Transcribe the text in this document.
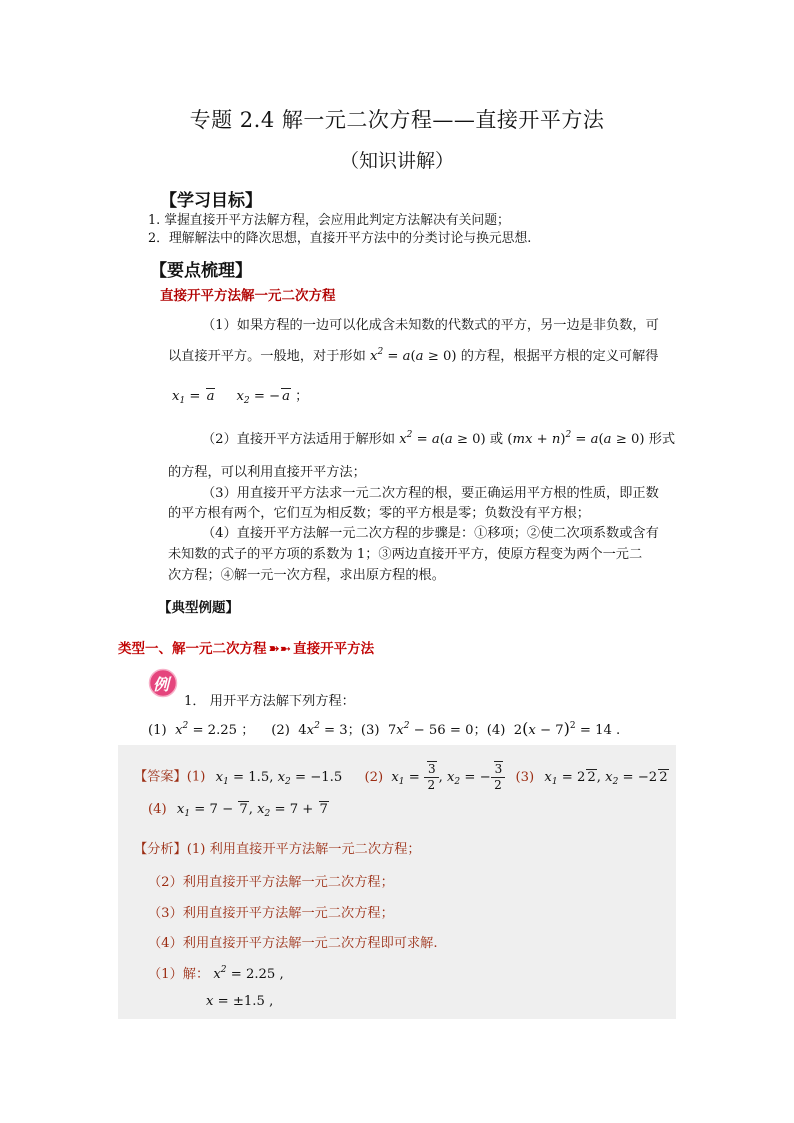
专题 2.4 解一元二次方程——直接开平方法
（知识讲解）
【学习目标】
1. 掌握直接开平方法解方程，会应用此判定方法解决有关问题；
2．理解解法中的降次思想，直接开平方法中的分类讨论与换元思想.
【要点梳理】
直接开平方法解一元二次方程
（1）如果方程的一边可以化成含未知数的代数式的平方，另一边是非负数，可
以直接开平方。一般地，对于形如 $x^2 = a(a \ge 0)$ 的方程，根据平方根的定义可解得
$x_1 = a$ $x_2$ = − a ；
（2）直接开平方法适用于解形如 $x^2 = a(a \ge 0)$ 或 (mx + n)$^2$ = a(a ≥ 0) 形式
的方程，可以利用直接开平方法；
（3）用直接开平方法求一元二次方程的根，要正确运用平方根的性质，即正数
的平方根有两个，它们互为相反数；零的平方根是零；负数没有平方根；
（4）直接开平方法解一元二次方程的步骤是：①移项；②使二次项系数或含有
未知数的式子的平方项的系数为 1；③两边直接开平方，使原方程变为两个一元二
次方程；④解一元一次方程，求出原方程的根。
【典型例题】
类型一、解一元二次方程 ➽➼ 直接开平方法
例
1． 用开平方法解下列方程：
(1)  $x^2 = 2.25$ ；    (2)  $4x^2 = 3$；(3)  $7x^2 - 56 = 0$；(4)  $2(x - 7)^2 = 14$ .
【答案】(1) $x_1 = 1.5$, $x_2 = -1.5$ (2) $x_1 = \frac{3}{2}$ , $x_2$ = − $\frac{3}{2} (3) x_1 = 2$ 2, $x_2 = -2$ 2
(4) $x_1 = 7 - 7$, $x_2 = 7 + 7$
【分析】(1) 利用直接开平方法解一元二次方程；
（2）利用直接开平方法解一元二次方程；
（3）利用直接开平方法解一元二次方程；
（4）利用直接开平方法解一元二次方程即可求解.
（1）解： $x^2 = 2.25$ ,
x = ±1.5 ,
